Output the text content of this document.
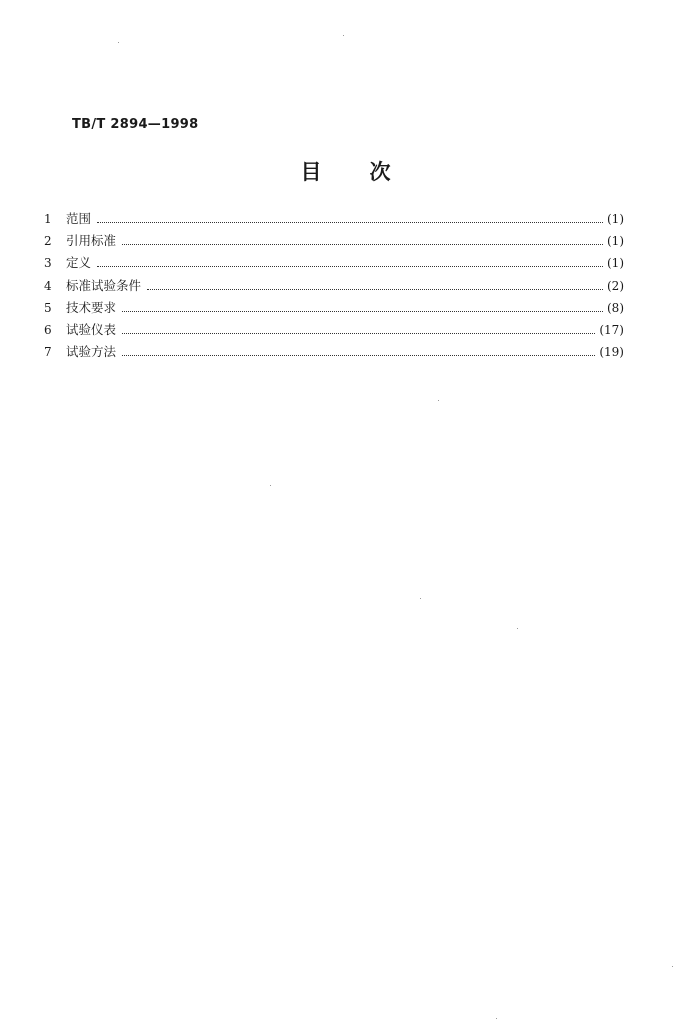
TB/T 2894—1998
目 次
1	范围	(1)
2	引用标准	(1)
3	定义	(1)
4	标准试验条件	(2)
5	技术要求	(8)
6	试验仪表	(17)
7	试验方法	(19)
